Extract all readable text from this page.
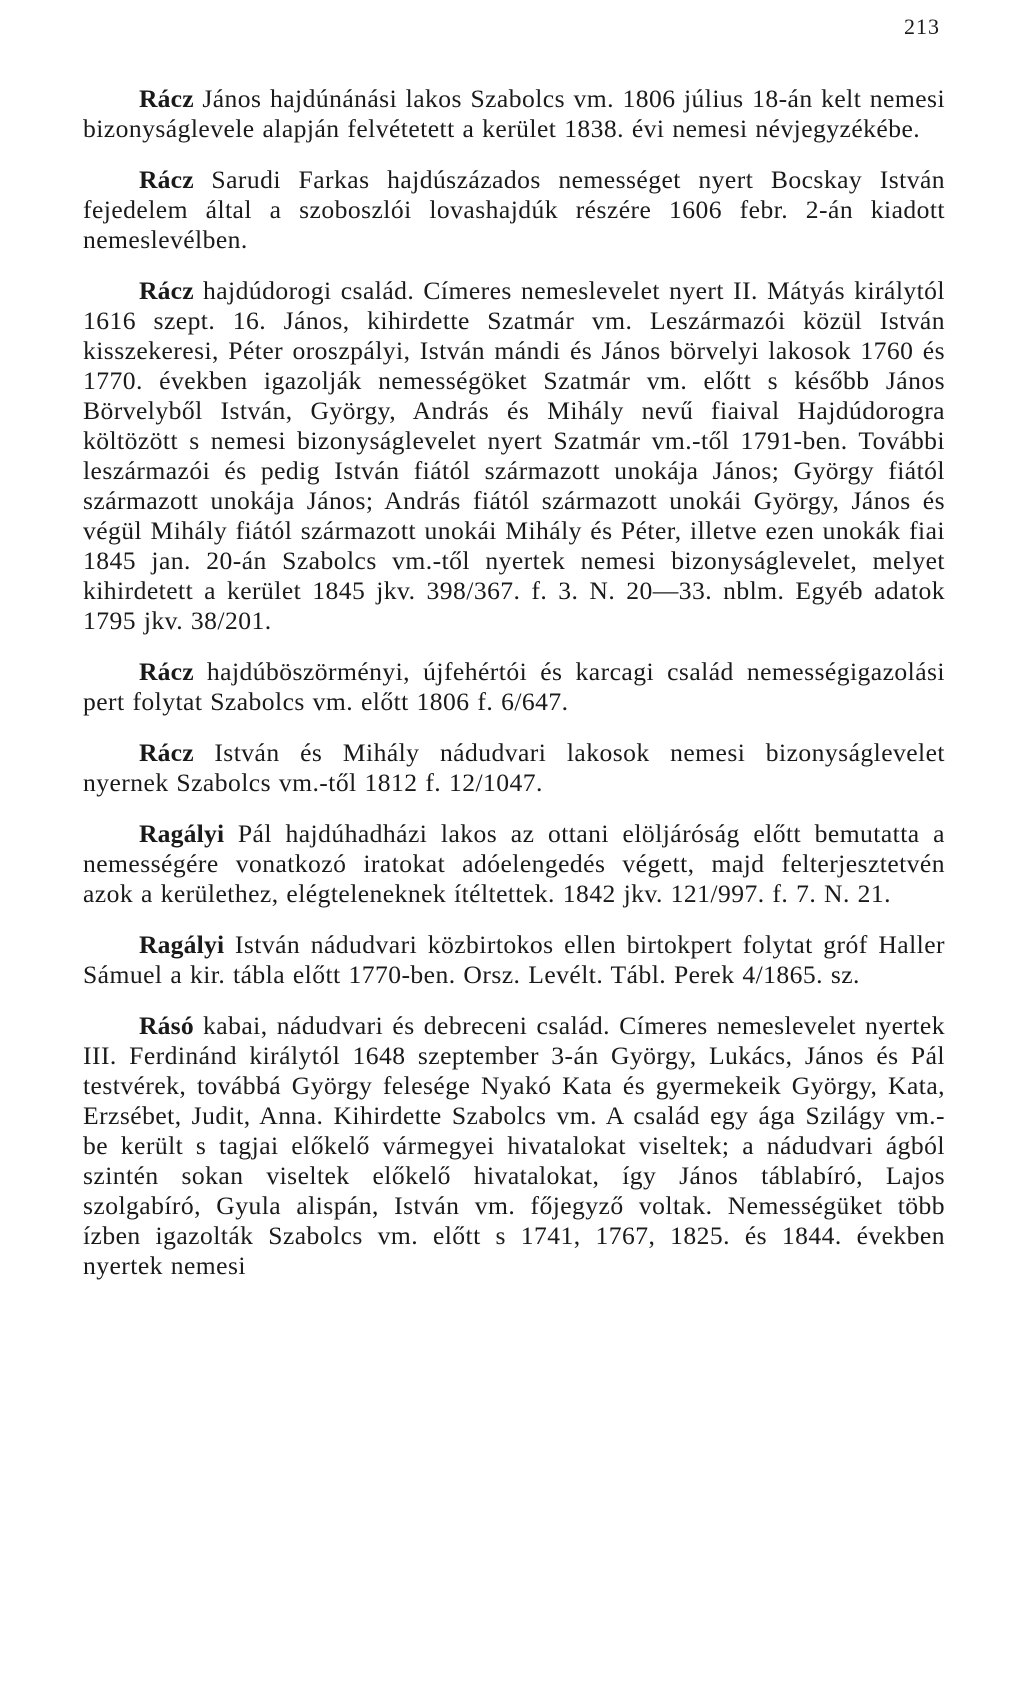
213

Rácz János hajdúnánási lakos Szabolcs vm. 1806 július 18-án kelt nemesi bizonyságlevele alapján felvétetett a kerület 1838. évi nemesi névjegyzékébe.

Rácz Sarudi Farkas hajdúszázados nemességet nyert Bocskay István fejedelem által a szoboszlói lovashajdúk részére 1606 febr. 2-án kiadott nemeslevélben.

Rácz hajdúdorogi család. Címeres nemeslevelet nyert II. Mátyás királytól 1616 szept. 16. János, kihirdette Szatmár vm. Leszármazói közül István kisszekeresi, Péter oroszpályi, István mándi és János börvelyi lakosok 1760 és 1770. években igazolják nemességöket Szatmár vm. előtt s később János Börvelyből István, György, András és Mihály nevű fiaival Hajdúdorogra költözött s nemesi bizonyságlevelet nyert Szatmár vm.-től 1791-ben. További leszármazói és pedig István fiától származott unokája János; György fiától származott unokája János; András fiától származott unokái György, János és végül Mihály fiától származott unokái Mihály és Péter, illetve ezen unokák fiai 1845 jan. 20-án Szabolcs vm.-től nyertek nemesi bizonyságlevelet, melyet kihirdetett a kerület 1845 jkv. 398/367. f. 3. N. 20—33. nblm. Egyéb adatok 1795 jkv. 38/201.

Rácz hajdúböszörményi, újfehértói és karcagi család nemességigazolási pert folytat Szabolcs vm. előtt 1806 f. 6/647.

Rácz István és Mihály nádudvari lakosok nemesi bizonyságlevelet nyernek Szabolcs vm.-től 1812 f. 12/1047.

Ragályi Pál hajdúhadházi lakos az ottani elöljáróság előtt bemutatta a nemességére vonatkozó iratokat adóelengedés végett, majd felterjesztetvén azok a kerülethez, elégteleneknek ítéltettek. 1842 jkv. 121/997. f. 7. N. 21.

Ragályi István nádudvari közbirtokos ellen birtokpert folytat gróf Haller Sámuel a kir. tábla előtt 1770-ben. Orsz. Levélt. Tábl. Perek 4/1865. sz.

Rásó kabai, nádudvari és debreceni család. Címeres nemeslevelet nyertek III. Ferdinánd királytól 1648 szeptember 3-án György, Lukács, János és Pál testvérek, továbbá György felesége Nyakó Kata és gyermekeik György, Kata, Erzsébet, Judit, Anna. Kihirdette Szabolcs vm. A család egy ága Szilágy vm.-be került s tagjai előkelő vármegyei hivatalokat viseltek; a nádudvari ágból szintén sokan viseltek előkelő hivatalokat, így János táblabíró, Lajos szolgabíró, Gyula alispán, István vm. főjegyző voltak. Nemességüket több ízben igazolták Szabolcs vm. előtt s 1741, 1767, 1825. és 1844. években nyertek nemesi
